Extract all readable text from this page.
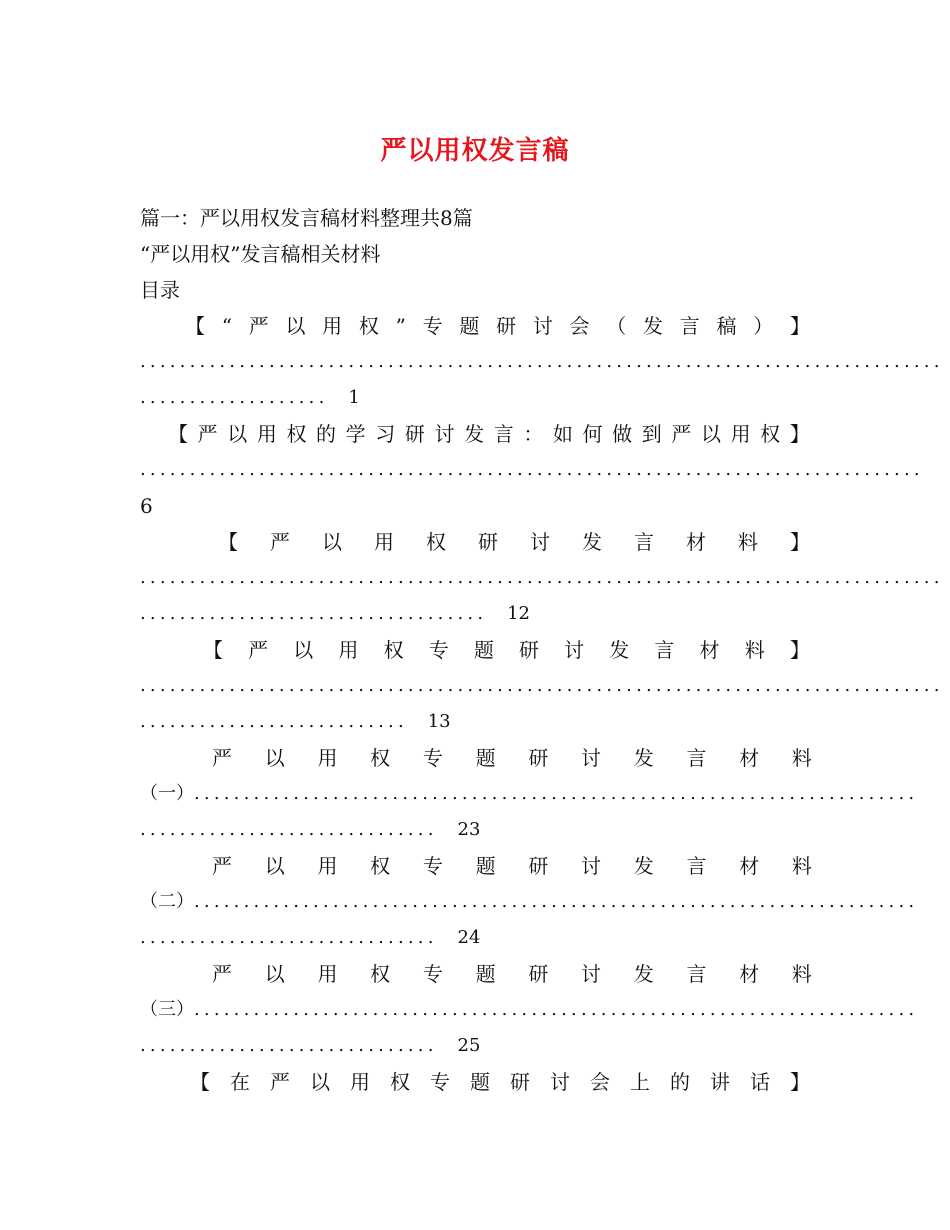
严以用权发言稿
篇一：严以用权发言稿材料整理共8篇
“严以用权”发言稿相关材料
目录
【 “ 严 以 用 权 ” 专 题 研 讨 会 （ 发 言 稿 ） 】
.................................................................................
...................  1
【 严 以 用 权 的 学 习 研 讨 发 言 ： 如 何 做 到 严 以 用 权 】
...............................................................................
6
【 严 以 用 权 研 讨 发 言 材 料 】
.................................................................................
...................................  12
【 严 以 用 权 专 题 研 讨 发 言 材 料 】
.................................................................................
...........................  13
严 以 用 权 专 题 研 讨 发 言 材 料
（一）.........................................................................
..............................  23
严 以 用 权 专 题 研 讨 发 言 材 料
（二）.........................................................................
..............................  24
严 以 用 权 专 题 研 讨 发 言 材 料
（三）.........................................................................
..............................  25
【 在 严 以 用 权 专 题 研 讨 会 上 的 讲 话 】
